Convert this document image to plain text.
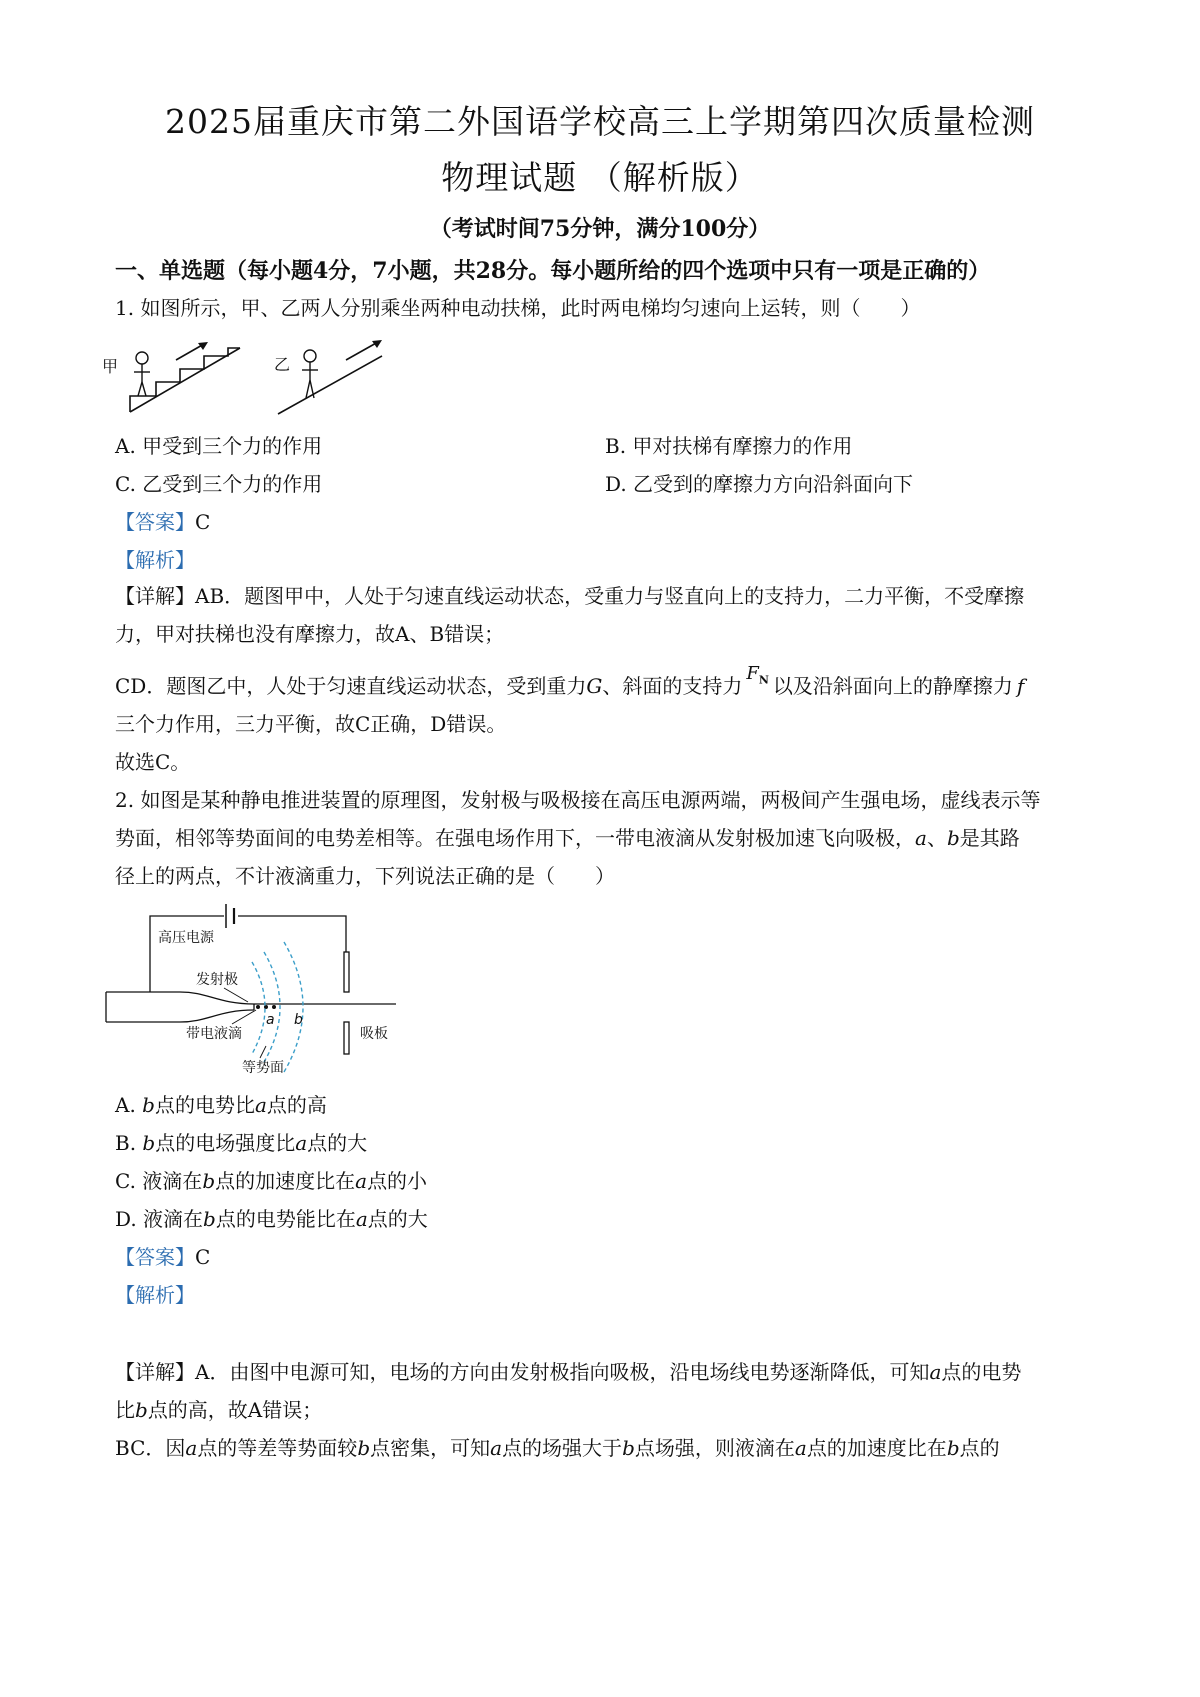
2025届重庆市第二外国语学校高三上学期第四次质量检测
物理试题 （解析版）
（考试时间75分钟，满分100分）
一、单选题（每小题4分，7小题，共28分。每小题所给的四个选项中只有一项是正确的）
1. 如图所示，甲、乙两人分别乘坐两种电动扶梯，此时两电梯均匀速向上运转，则（　　）
甲	乙
A. 甲受到三个力的作用	B. 甲对扶梯有摩擦力的作用
C. 乙受到三个力的作用	D. 乙受到的摩擦力方向沿斜面向下
【答案】C
【解析】
【详解】AB．题图甲中，人处于匀速直线运动状态，受重力与竖直向上的支持力，二力平衡，不受摩擦
力，甲对扶梯也没有摩擦力，故A、B错误；
CD．题图乙中，人处于匀速直线运动状态，受到重力G、斜面的支持力$F_N$ 以及沿斜面向上的静摩擦力 f
三个力作用，三力平衡，故C正确，D错误。
故选C。
2. 如图是某种静电推进装置的原理图，发射极与吸极接在高压电源两端，两极间产生强电场，虚线表示等
势面，相邻等势面间的电势差相等。在强电场作用下，一带电液滴从发射极加速飞向吸极，a、b是其路
径上的两点，不计液滴重力，下列说法正确的是（　　）
高压电源
吸板
发射极
带电液滴
a b
等势面
A. b点的电势比a点的高
B. b点的电场强度比a点的大
C. 液滴在b点的加速度比在a点的小
D. 液滴在b点的电势能比在a点的大
【答案】C
【解析】
【详解】A．由图中电源可知，电场的方向由发射极指向吸极，沿电场线电势逐渐降低，可知a点的电势
比b点的高，故A错误；
BC．因a点的等差等势面较b点密集，可知a点的场强大于b点场强，则液滴在a点的加速度比在b点的
